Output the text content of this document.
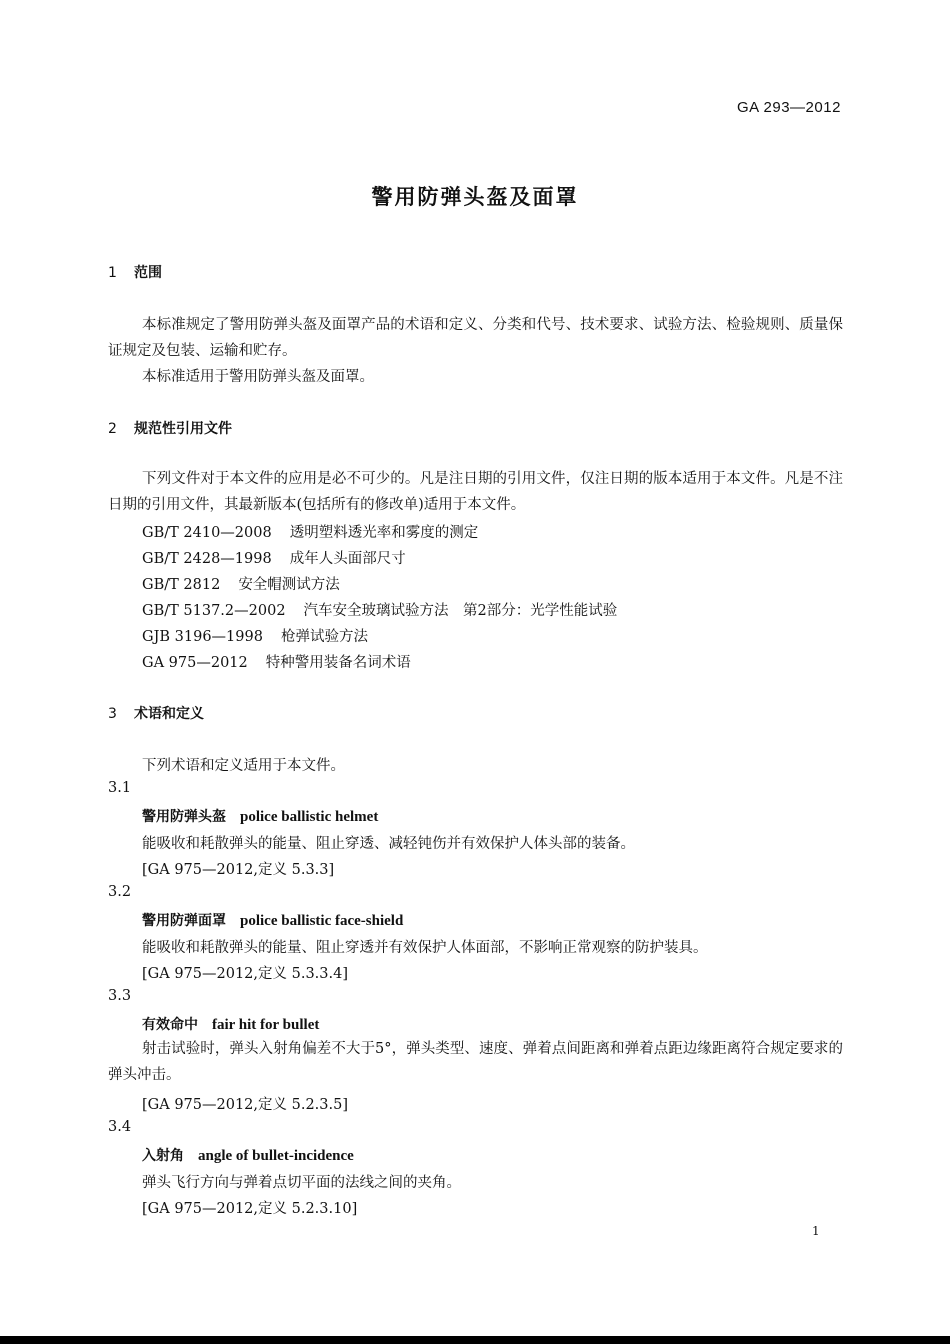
GA 293—2012
警用防弹头盔及面罩
1 范围

本标准规定了警用防弹头盔及面罩产品的术语和定义、分类和代号、技术要求、试验方法、检验规则、质量保证规定及包装、运输和贮存。

本标准适用于警用防弹头盔及面罩。

2 规范性引用文件

下列文件对于本文件的应用是必不可少的。凡是注日期的引用文件，仅注日期的版本适用于本文件。凡是不注日期的引用文件，其最新版本(包括所有的修改单)适用于本文件。

GB/T 2410—2008 透明塑料透光率和雾度的测定
GB/T 2428—1998 成年人头面部尺寸
GB/T 2812 安全帽测试方法
GB/T 5137.2—2002 汽车安全玻璃试验方法　第2部分：光学性能试验
GJB 3196—1998 枪弹试验方法
GA 975—2012 特种警用装备名词术语
3 术语和定义
下列术语和定义适用于本文件。
3.1
警用防弹头盔 police ballistic helmet
能吸收和耗散弹头的能量、阻止穿透、减轻钝伤并有效保护人体头部的装备。
[GA 975—2012,定义 5.3.3]
3.2
警用防弹面罩 police ballistic face-shield
能吸收和耗散弹头的能量、阻止穿透并有效保护人体面部，不影响正常观察的防护装具。
[GA 975—2012,定义 5.3.3.4]
3.3
有效命中 fair hit for bullet

射击试验时，弹头入射角偏差不大于5°，弹头类型、速度、弹着点间距离和弹着点距边缘距离符合规定要求的弹头冲击。

[GA 975—2012,定义 5.2.3.5]
3.4
入射角 angle of bullet-incidence
弹头飞行方向与弹着点切平面的法线之间的夹角。
[GA 975—2012,定义 5.2.3.10]
1
